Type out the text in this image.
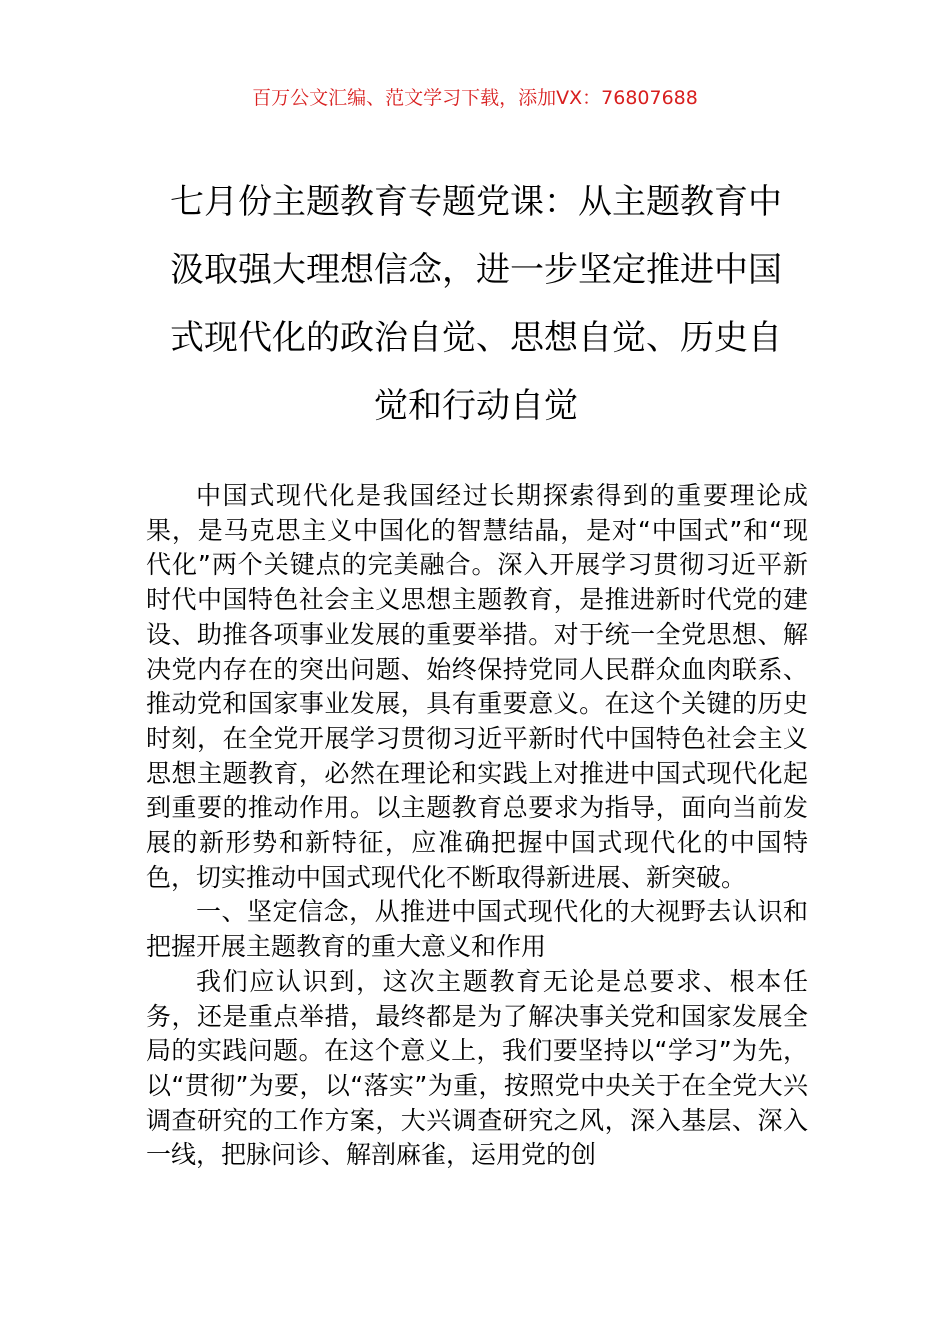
百万公文汇编、范文学习下载，添加VX：76807688
七月份主题教育专题党课：从主题教育中
汲取强大理想信念，进一步坚定推进中国
式现代化的政治自觉、思想自觉、历史自
觉和行动自觉

中国式现代化是我国经过长期探索得到的重要理论成果，是马克思主义中国化的智慧结晶，是对“中国式”和“现代化”两个关键点的完美融合。深入开展学习贯彻习近平新时代中国特色社会主义思想主题教育，是推进新时代党的建设、助推各项事业发展的重要举措。对于统一全党思想、解决党内存在的突出问题、始终保持党同人民群众血肉联系、推动党和国家事业发展，具有重要意义。在这个关键的历史时刻，在全党开展学习贯彻习近平新时代中国特色社会主义思想主题教育，必然在理论和实践上对推进中国式现代化起到重要的推动作用。以主题教育总要求为指导，面向当前发展的新形势和新特征，应准确把握中国式现代化的中国特色，切实推动中国式现代化不断取得新进展、新突破。

一、坚定信念，从推进中国式现代化的大视野去认识和把握开展主题教育的重大意义和作用

我们应认识到，这次主题教育无论是总要求、根本任务，还是重点举措，最终都是为了解决事关党和国家发展全局的实践问题。在这个意义上，我们要坚持以“学习”为先，以“贯彻”为要，以“落实”为重，按照党中央关于在全党大兴调查研究的工作方案，大兴调查研究之风，深入基层、深入一线，把脉问诊、解剖麻雀，运用党的创
